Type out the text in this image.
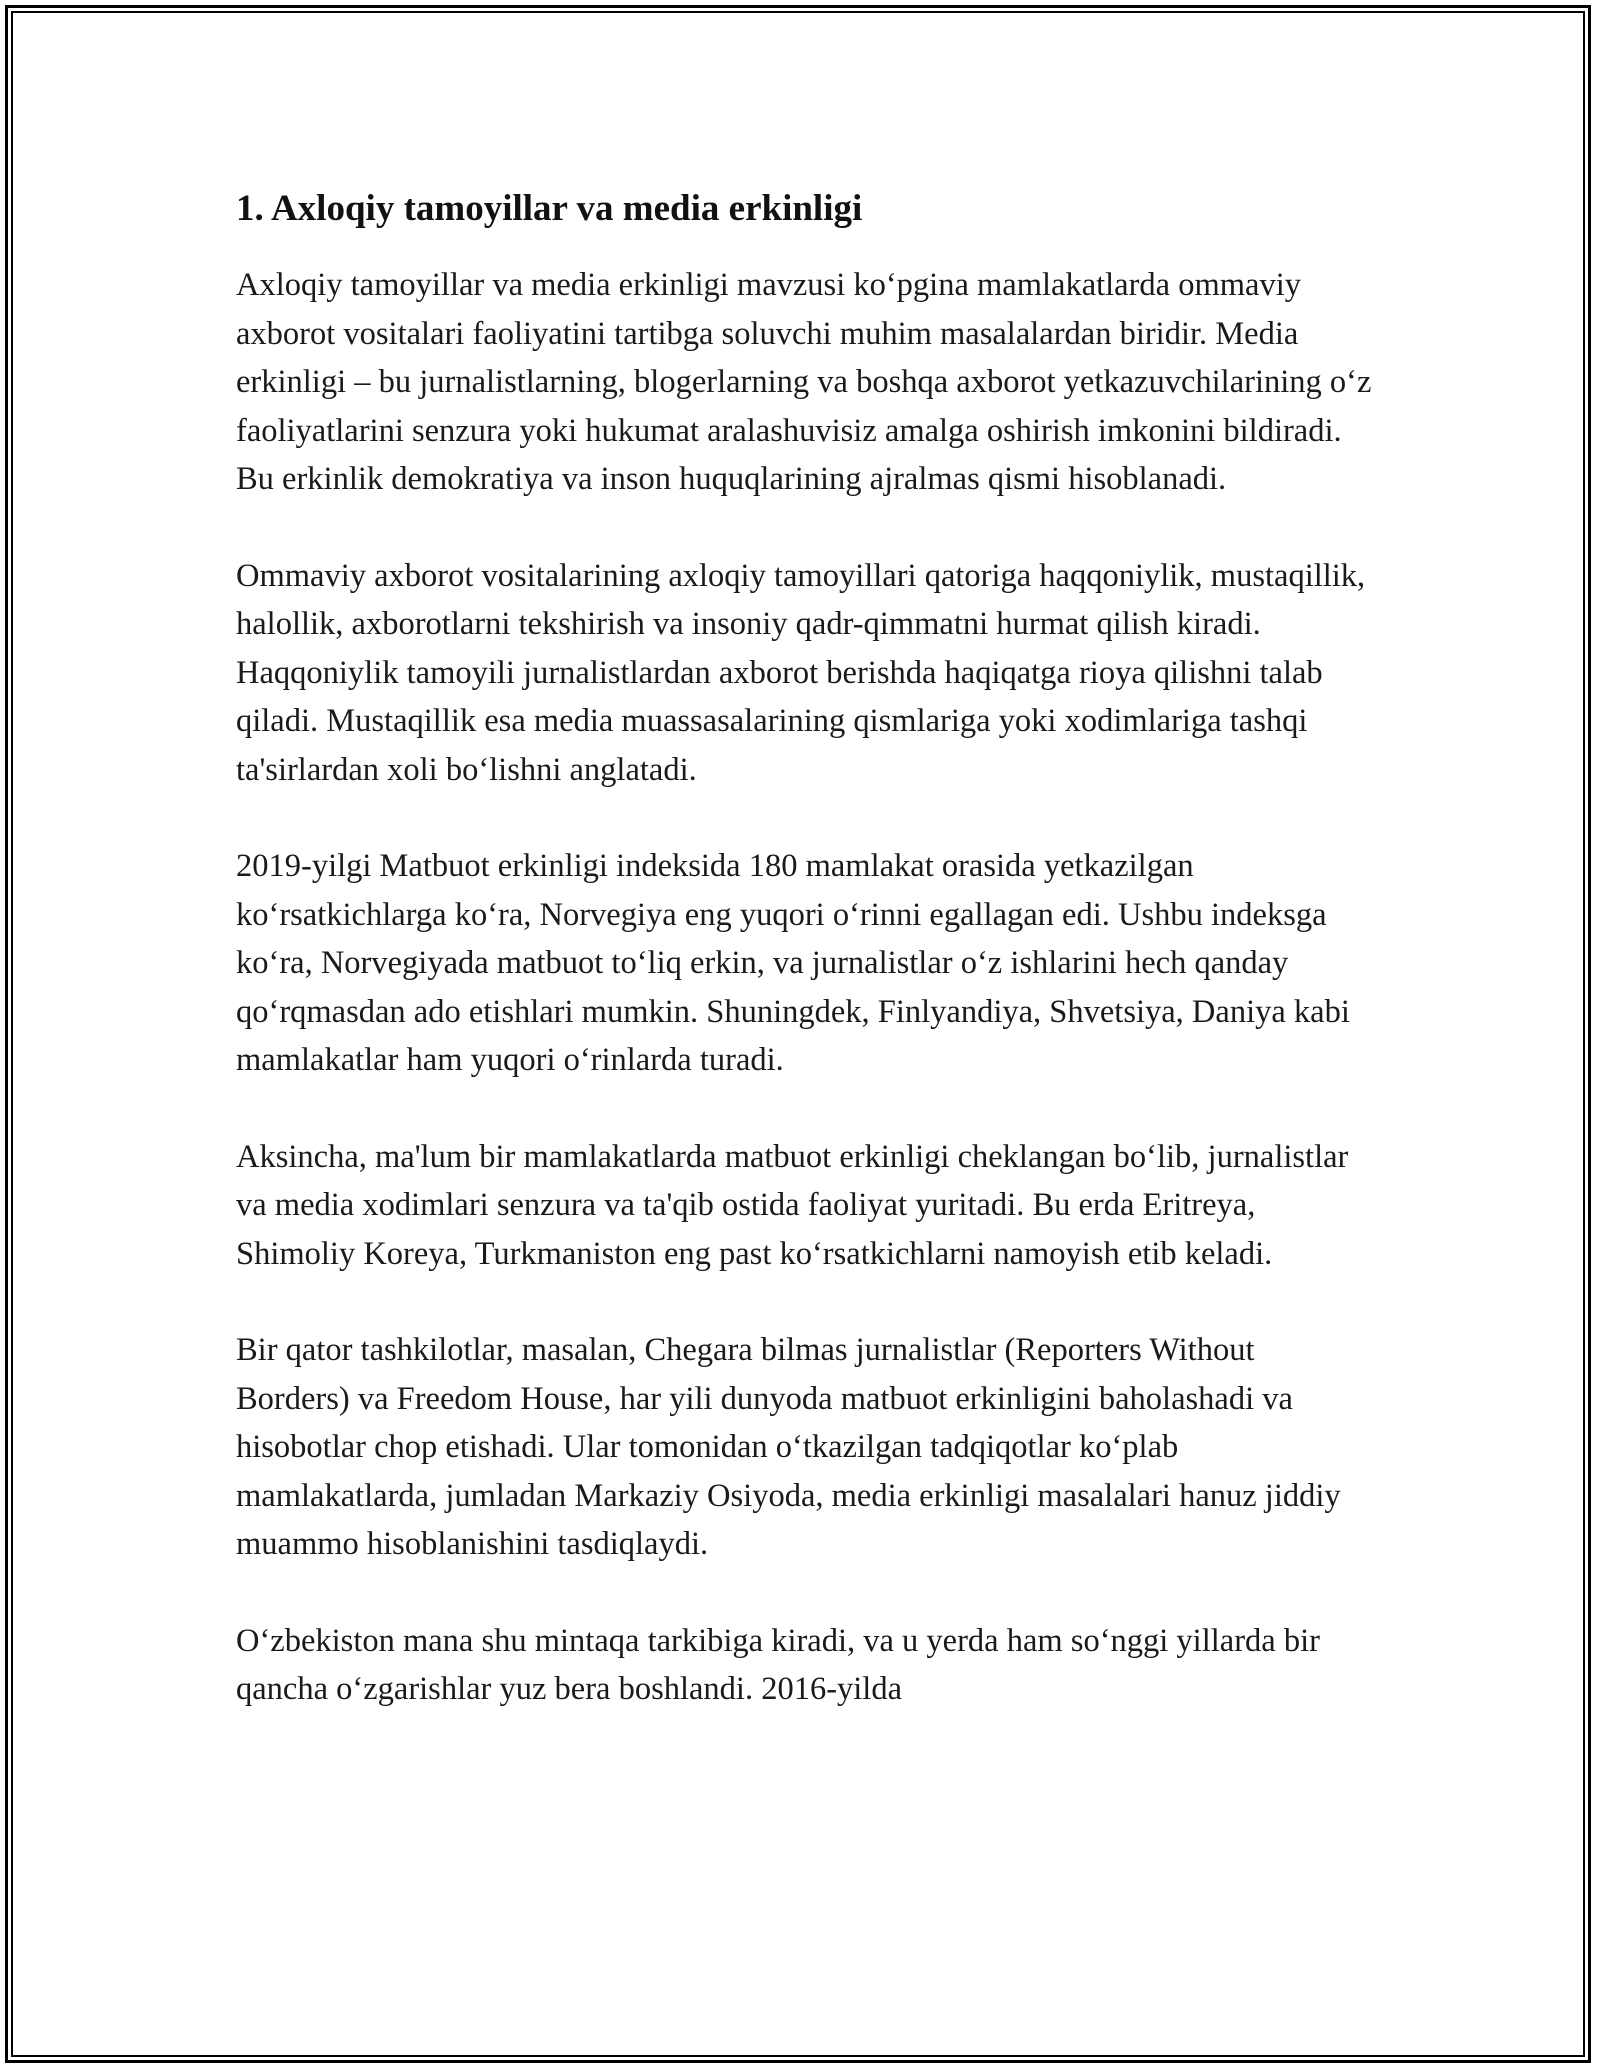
1. Axloqiy tamoyillar va media erkinligi

Axloqiy tamoyillar va media erkinligi mavzusi ko‘pgina mamlakatlarda ommaviy axborot vositalari faoliyatini tartibga soluvchi muhim masalalardan biridir. Media erkinligi – bu jurnalistlarning, blogerlarning va boshqa axborot yetkazuvchilarining o‘z faoliyatlarini senzura yoki hukumat aralashuvisiz amalga oshirish imkonini bildiradi. Bu erkinlik demokratiya va inson huquqlarining ajralmas qismi hisoblanadi.

Ommaviy axborot vositalarining axloqiy tamoyillari qatoriga haqqoniylik, mustaqillik, halollik, axborotlarni tekshirish va insoniy qadr-qimmatni hurmat qilish kiradi. Haqqoniylik tamoyili jurnalistlardan axborot berishda haqiqatga rioya qilishni talab qiladi. Mustaqillik esa media muassasalarining qismlariga yoki xodimlariga tashqi ta'sirlardan xoli bo‘lishni anglatadi.

2019-yilgi Matbuot erkinligi indeksida 180 mamlakat orasida yetkazilgan ko‘rsatkichlarga ko‘ra, Norvegiya eng yuqori o‘rinni egallagan edi. Ushbu indeksga ko‘ra, Norvegiyada matbuot to‘liq erkin, va jurnalistlar o‘z ishlarini hech qanday qo‘rqmasdan ado etishlari mumkin. Shuningdek, Finlyandiya, Shvetsiya, Daniya kabi mamlakatlar ham yuqori o‘rinlarda turadi.

Aksincha, ma'lum bir mamlakatlarda matbuot erkinligi cheklangan bo‘lib, jurnalistlar va media xodimlari senzura va ta'qib ostida faoliyat yuritadi. Bu erda Eritreya, Shimoliy Koreya, Turkmaniston eng past ko‘rsatkichlarni namoyish etib keladi.

Bir qator tashkilotlar, masalan, Chegara bilmas jurnalistlar (Reporters Without Borders) va Freedom House, har yili dunyoda matbuot erkinligini baholashadi va hisobotlar chop etishadi. Ular tomonidan o‘tkazilgan tadqiqotlar ko‘plab mamlakatlarda, jumladan Markaziy Osiyoda, media erkinligi masalalari hanuz jiddiy muammo hisoblanishini tasdiqlaydi.

O‘zbekiston mana shu mintaqa tarkibiga kiradi, va u yerda ham so‘nggi yillarda bir qancha o‘zgarishlar yuz bera boshlandi. 2016-yilda
